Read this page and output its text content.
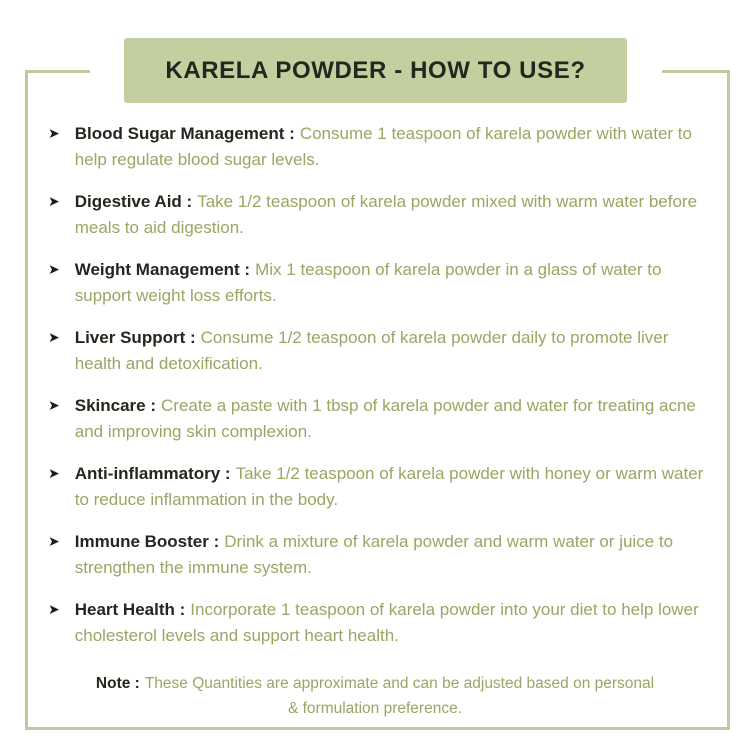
KARELA POWDER - HOW TO USE?
➤ Blood Sugar Management : Consume 1 teaspoon of karela powder with water to help regulate blood sugar levels.

➤ Digestive Aid : Take 1/2 teaspoon of karela powder mixed with warm water before meals to aid digestion.

➤ Weight Management : Mix 1 teaspoon of karela powder in a glass of water to support weight loss efforts.

➤ Liver Support : Consume 1/2 teaspoon of karela powder daily to promote liver health and detoxification.

➤ Skincare : Create a paste with 1 tbsp of karela powder and water for treating acne and improving skin complexion.

➤ Anti-inflammatory : Take 1/2 teaspoon of karela powder with honey or warm water to reduce inflammation in the body.

➤ Immune Booster : Drink a mixture of karela powder and warm water or juice to strengthen the immune system.

➤ Heart Health : Incorporate 1 teaspoon of karela powder into your diet to help lower cholesterol levels and support heart health.

Note : These Quantities are approximate and can be adjusted based on personal & formulation preference.
